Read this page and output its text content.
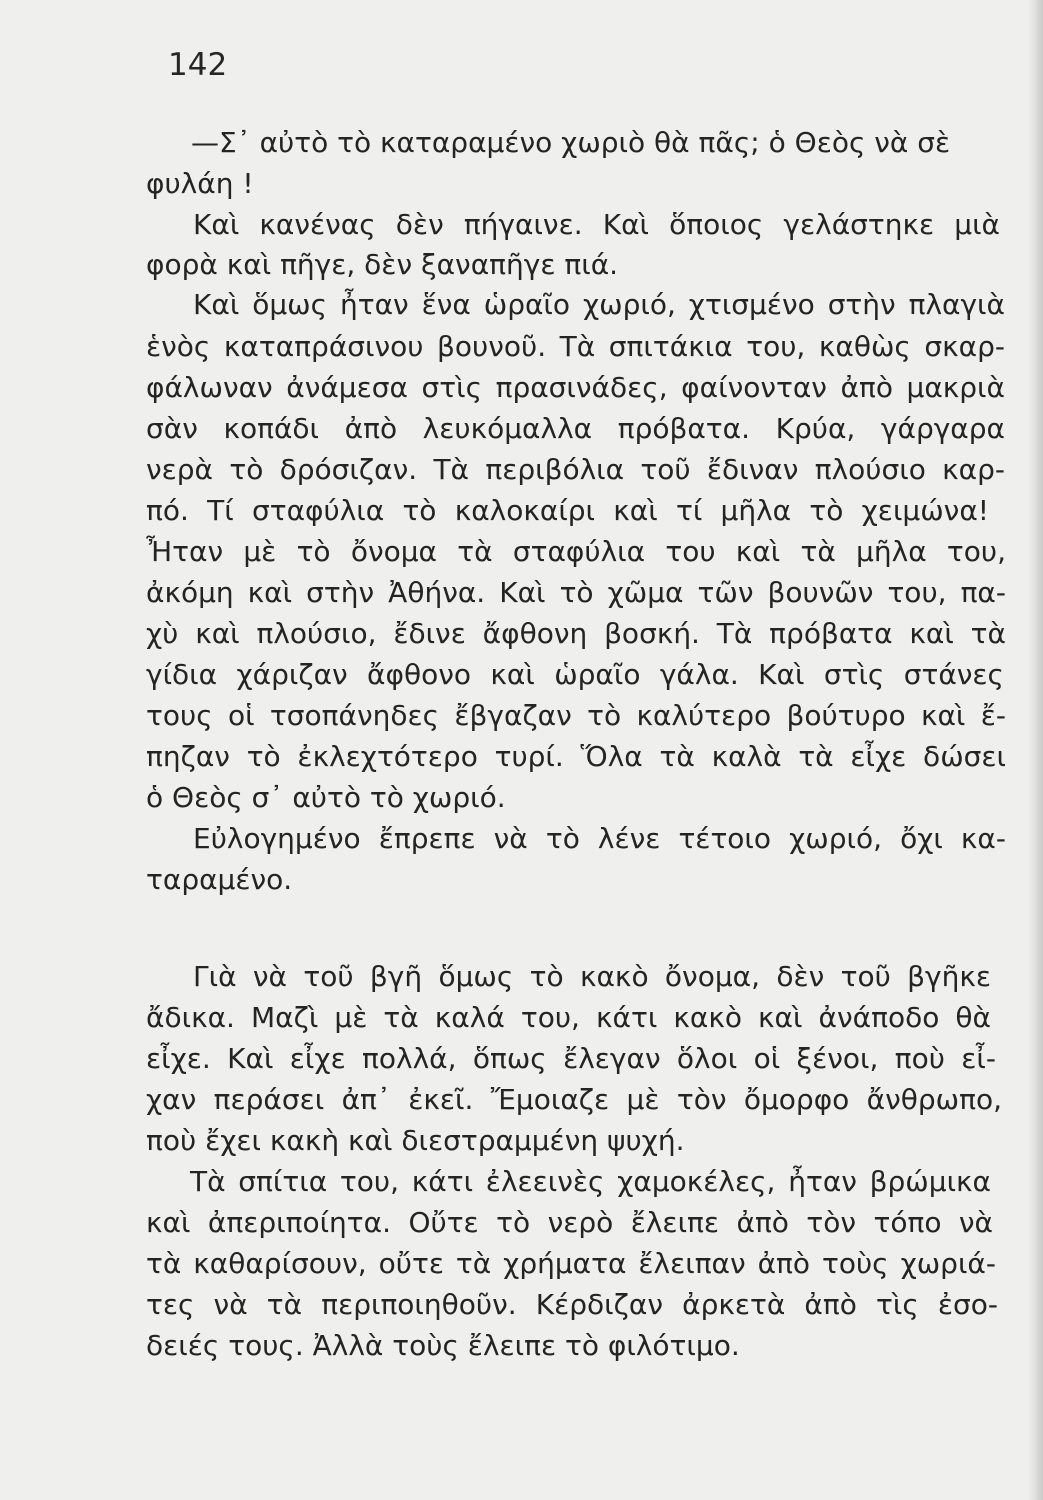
142
—Σ᾽ αὐτὸ τὸ καταραμένο χωριὸ θὰ πᾶς; ὁ Θεὸς νὰ σὲ
φυλάη !
Καὶ κανένας δὲν πήγαινε. Καὶ ὅποιος γελάστηκε μιὰ
φορὰ καὶ πῆγε, δὲν ξαναπῆγε πιά.
Καὶ ὅμως ἦταν ἕνα ὡραῖο χωριό, χτισμένο στὴν πλαγιὰ
ἑνὸς καταπράσινου βουνοῦ. Τὰ σπιτάκια του, καθὼς σκαρ-
φάλωναν ἀνάμεσα στὶς πρασινάδες, φαίνονταν ἀπὸ μακριὰ
σὰν κοπάδι ἀπὸ λευκόμαλλα πρόβατα. Κρύα, γάργαρα
νερὰ τὸ δρόσιζαν. Τὰ περιβόλια τοῦ ἔδιναν πλούσιο καρ-
πό. Τί σταφύλια τὸ καλοκαίρι καὶ τί μῆλα τὸ χειμώνα!
Ἦταν μὲ τὸ ὄνομα τὰ σταφύλια του καὶ τὰ μῆλα του,
ἀκόμη καὶ στὴν Ἀθήνα. Καὶ τὸ χῶμα τῶν βουνῶν του, πα-
χὺ καὶ πλούσιο, ἔδινε ἄφθονη βοσκή. Τὰ πρόβατα καὶ τὰ
γίδια χάριζαν ἄφθονο καὶ ὡραῖο γάλα. Καὶ στὶς στάνες
τους οἱ τσοπάνηδες ἔβγαζαν τὸ καλύτερο βούτυρο καὶ ἔ-
πηζαν τὸ ἐκλεχτότερο τυρί. Ὅλα τὰ καλὰ τὰ εἶχε δώσει
ὁ Θεὸς σ᾽ αὐτὸ τὸ χωριό.
Εὐλογημένο ἔπρεπε νὰ τὸ λένε τέτοιο χωριό, ὄχι κα-
ταραμένο.
Γιὰ νὰ τοῦ βγῆ ὅμως τὸ κακὸ ὄνομα, δὲν τοῦ βγῆκε
ἄδικα. Μαζὶ μὲ τὰ καλά του, κάτι κακὸ καὶ ἀνάποδο θὰ
εἶχε. Καὶ εἶχε πολλά, ὅπως ἔλεγαν ὅλοι οἱ ξένοι, ποὺ εἶ-
χαν περάσει ἀπ᾽ ἐκεῖ. Ἔμοιαζε μὲ τὸν ὄμορφο ἄνθρωπο,
ποὺ ἔχει κακὴ καὶ διεστραμμένη ψυχή.
Τὰ σπίτια του, κάτι ἐλεεινὲς χαμοκέλες, ἦταν βρώμικα
καὶ ἀπεριποίητα. Οὔτε τὸ νερὸ ἔλειπε ἀπὸ τὸν τόπο νὰ
τὰ καθαρίσουν, οὔτε τὰ χρήματα ἔλειπαν ἀπὸ τοὺς χωριά-
τες νὰ τὰ περιποιηθοῦν. Κέρδιζαν ἀρκετὰ ἀπὸ τὶς ἐσο-
δειές τους. Ἀλλὰ τοὺς ἔλειπε τὸ φιλότιμο.
